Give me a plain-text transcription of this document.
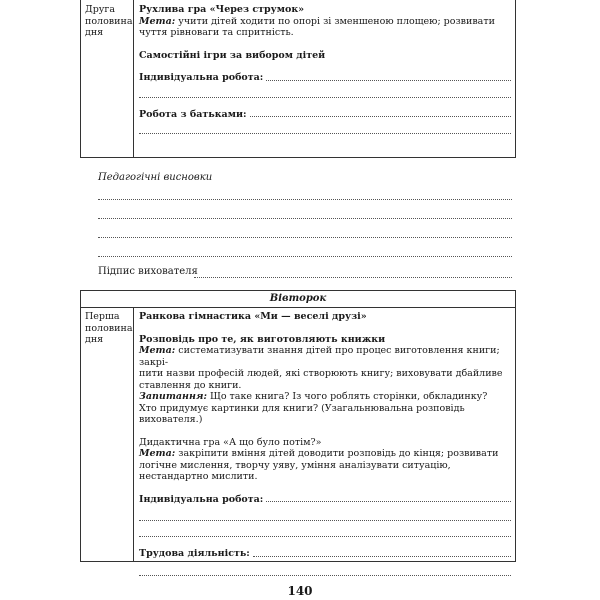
Друга половина дня

Рухлива гра «Через струмок»

Мета: учити дітей ходити по опорі зі зменшеною площею; розвивати чуття рівноваги та спритність.

Самостійні ігри за вибором дітей

Індивідуальна робота:
Робота з батьками:
Педагогічні висновки
Підпис вихователя
Вівторок
Перша половина дня

Ранкова гімнастика «Ми — веселі друзі»

Розповідь про те, як виготовляють книжки

Мета: систематизувати знання дітей про процес виготовлення книги; закрі-
пити назви професій людей, які створюють книгу; виховувати дбайливе ставлення до книги.

Запитання: Що таке книга? Із чого роблять сторінки, обкладинку?

Хто придумує картинки для книги? (Узагальнювальна розповідь вихователя.)

Дидактична гра «А що було потім?»

Мета: закріпити вміння дітей доводити розповідь до кінця; розвивати логічне мислення, творчу уяву, уміння аналізувати ситуацію, нестандартно мислити.

Індивідуальна робота:
Трудова діяльність:
140
